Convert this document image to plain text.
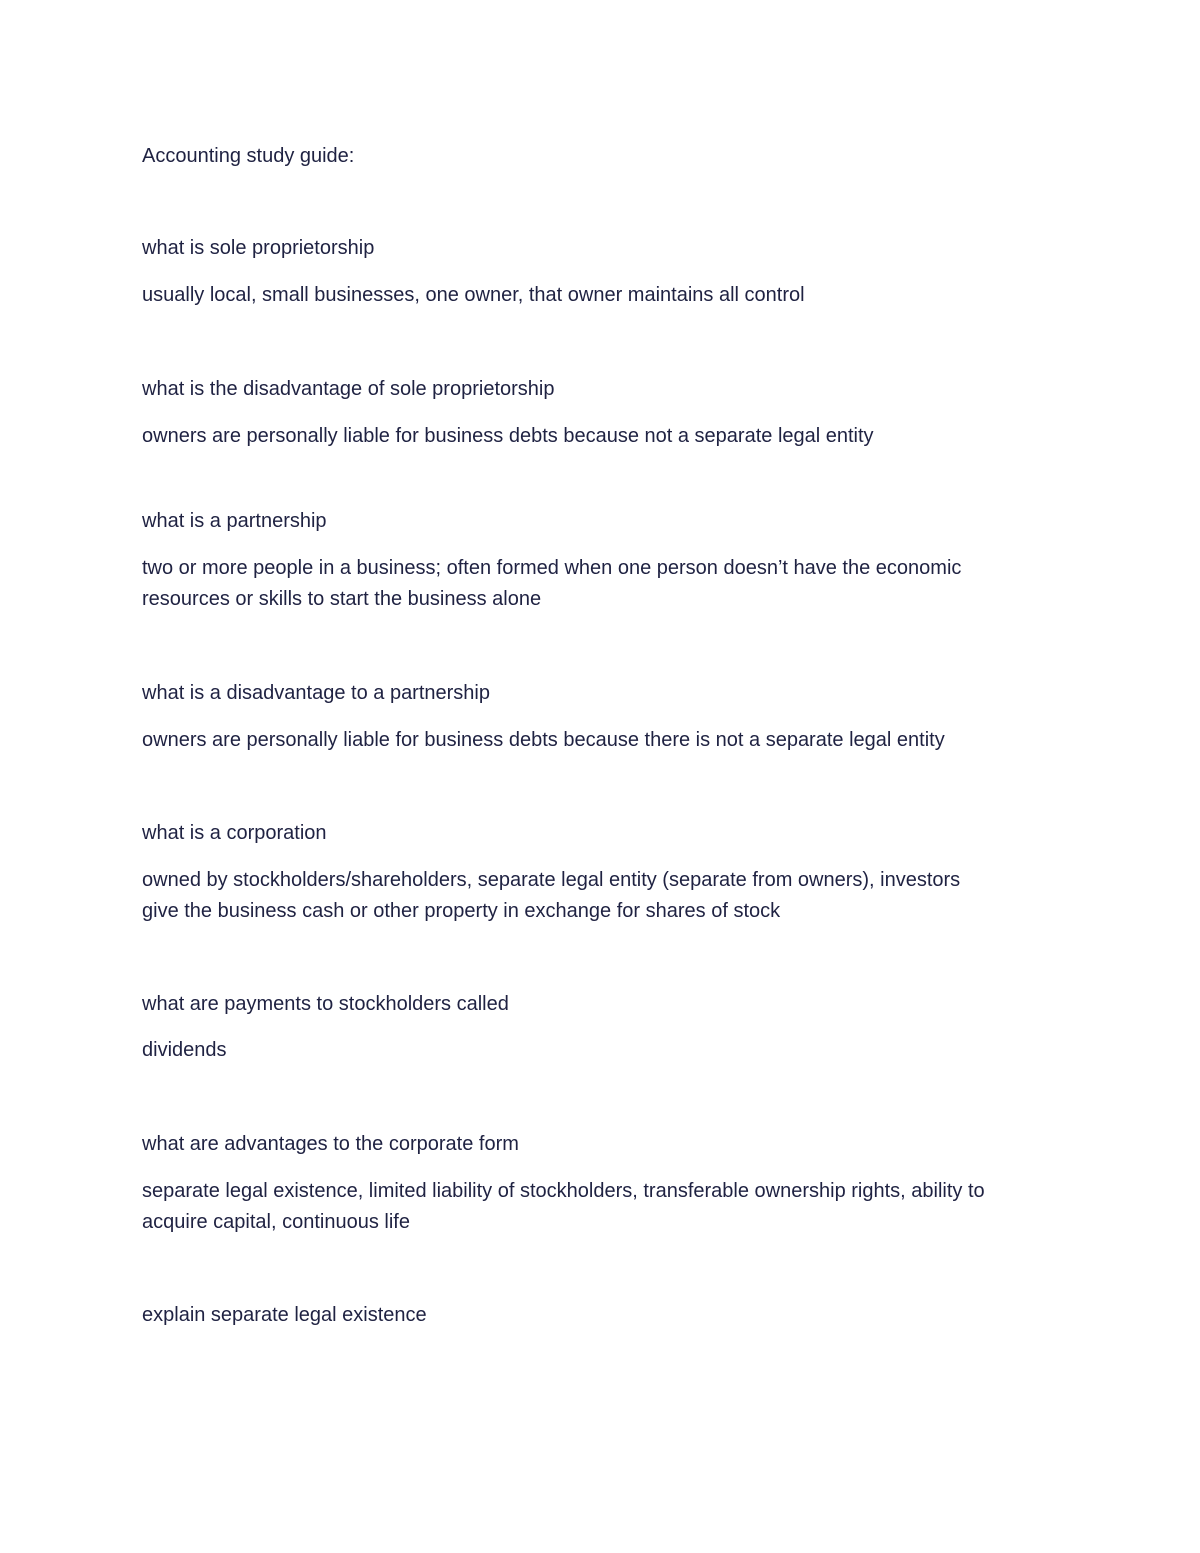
Accounting study guide:

what is sole proprietorship

usually local, small businesses, one owner, that owner maintains all control

what is the disadvantage of sole proprietorship

owners are personally liable for business debts because not a separate legal entity

what is a partnership

two or more people in a business; often formed when one person doesn’t have the economic

resources or skills to start the business alone

what is a disadvantage to a partnership

owners are personally liable for business debts because there is not a separate legal entity

what is a corporation

owned by stockholders/shareholders, separate legal entity (separate from owners), investors

give the business cash or other property in exchange for shares of stock

what are payments to stockholders called

dividends

what are advantages to the corporate form

separate legal existence, limited liability of stockholders, transferable ownership rights, ability to

acquire capital, continuous life

explain separate legal existence
